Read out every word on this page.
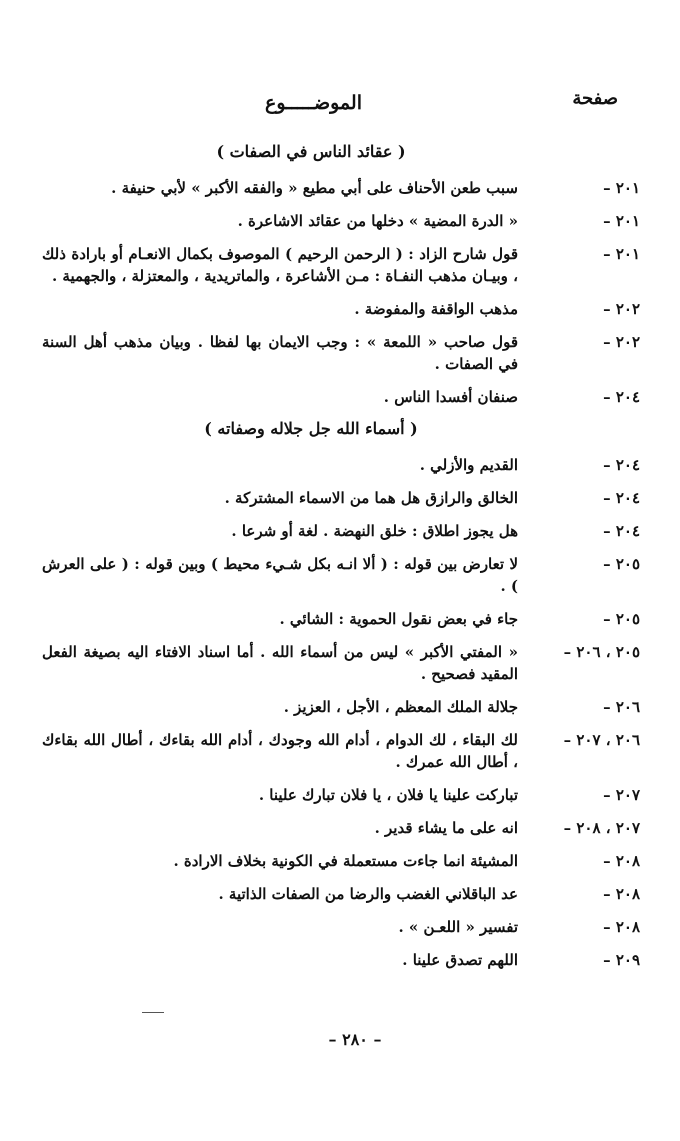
صفحة
الموضـــــوع
( عقائد الناس في الصفات )
٢٠١ –
سبب طعن الأحناف على أبي مطيع « والفقه الأكبر » لأبي حنيفة .
٢٠١ –
« الدرة المضية » دخلها من عقائد الاشاعرة .
٢٠١ –
قول شارح الزاد : ( الرحمن الرحيم ) الموصوف بكمال الانعـام أو بارادة ذلك ، وبيـان مذهب النفـاة : مـن الأشاعرة ، والماتريدية ، والمعتزلة ، والجهمية .
٢٠٢ –
مذهب الواقفة والمفوضة .
٢٠٢ –
قول صاحب « اللمعة » : وجب الايمان بها لفظا . وبيان مذهب أهل السنة في الصفات .
٢٠٤ –
صنفان أفسدا الناس .
( أسماء الله جل جلاله وصفاته )
٢٠٤ –
القديم والأزلي .
٢٠٤ –
الخالق والرازق هل هما من الاسماء المشتركة .
٢٠٤ –
هل يجوز اطلاق : خلق النهضة . لغة أو شرعا .
٢٠٥ –
لا تعارض بين قوله : ( ألا انـه بكل شـيء محيط ) وبين قوله : ( على العرش ) .
٢٠٥ –
جاء في بعض نقول الحموية : الشائي .
٢٠٥ ، ٢٠٦ –
« المفتي الأكبر » ليس من أسماء الله . أما اسناد الافتاء اليه بصيغة الفعل المقيد فصحيح .
٢٠٦ –
جلالة الملك المعظم ، الأجل ، العزيز .
٢٠٦ ، ٢٠٧ –
لك البقاء ، لك الدوام ، أدام الله وجودك ، أدام الله بقاءك ، أطال الله بقاءك ، أطال الله عمرك .
٢٠٧ –
تباركت علينا يا فلان ، يا فلان تبارك علينا .
٢٠٧ ، ٢٠٨ –
انه على ما يشاء قدير .
٢٠٨ –
المشيئة انما جاءت مستعملة في الكونية بخلاف الارادة .
٢٠٨ –
عد الباقلاني الغضب والرضا من الصفات الذاتية .
٢٠٨ –
تفسير « اللعـن » .
٢٠٩ –
اللهم تصدق علينا .
– ٢٨٠ –
